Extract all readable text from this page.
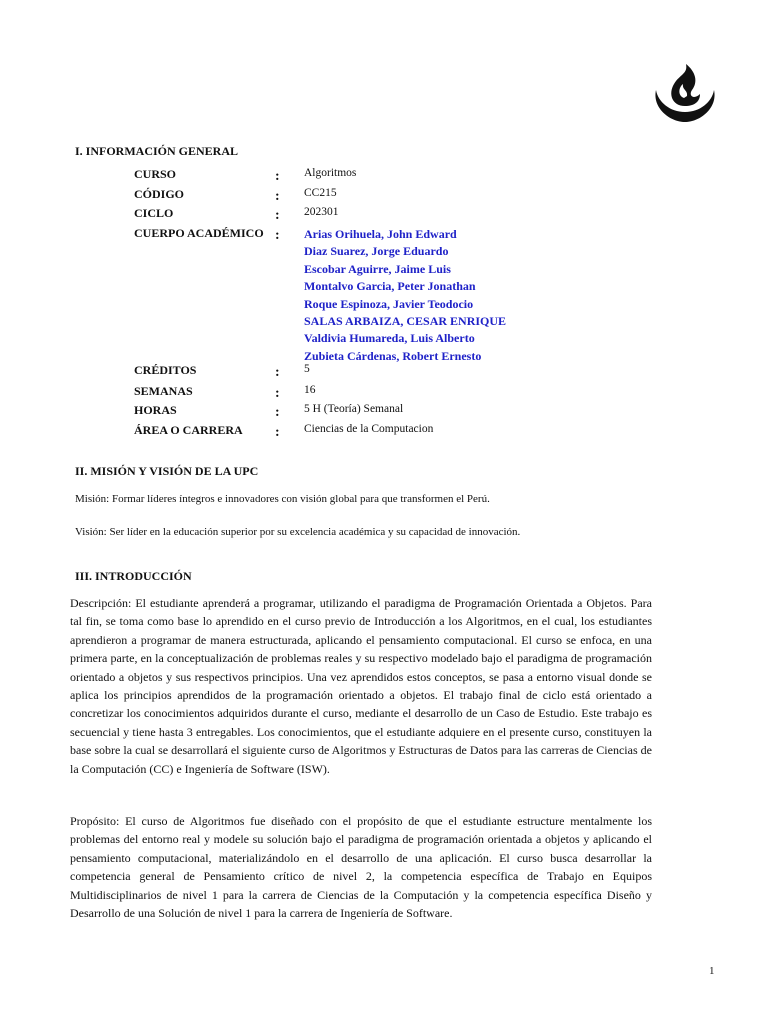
I. INFORMACIÓN GENERAL
CURSO	: Algoritmos
CÓDIGO	: CC215
CICLO	: 202301
CUERPO ACADÉMICO : Arias Orihuela, John Edward
Diaz Suarez, Jorge Eduardo
Escobar Aguirre, Jaime Luis
Montalvo Garcia, Peter Jonathan
Roque Espinoza, Javier Teodocio
SALAS ARBAIZA, CESAR ENRIQUE
Valdivia Humareda, Luis Alberto
Zubieta Cárdenas, Robert Ernesto
CRÉDITOS	: 5
SEMANAS	: 16
HORAS	: 5 H (Teoría) Semanal
ÁREA O CARRERA : Ciencias de la Computacion
II. MISIÓN Y VISIÓN DE LA UPC
Misión: Formar líderes íntegros e innovadores con visión global para que transformen el Perú.
Visión: Ser líder en la educación superior por su excelencia académica y su capacidad de innovación.
III. INTRODUCCIÓN

Descripción: El estudiante aprenderá a programar, utilizando el paradigma de Programación Orientada a Objetos. Para tal fin, se toma como base lo aprendido en el curso previo de Introducción a los Algoritmos, en el cual, los estudiantes aprendieron a programar de manera estructurada, aplicando el pensamiento computacional. El curso se enfoca, en una primera parte, en la conceptualización de problemas reales y su respectivo modelado bajo el paradigma de programación orientado a objetos y sus respectivos principios. Una vez aprendidos estos conceptos, se pasa a entorno visual donde se aplica los principios aprendidos de la programación orientado a objetos. El trabajo final de ciclo está orientado a concretizar los conocimientos adquiridos durante el curso, mediante el desarrollo de un Caso de Estudio. Este trabajo es secuencial y tiene hasta 3 entregables. Los conocimientos, que el estudiante adquiere en el presente curso, constituyen la base sobre la cual se desarrollará el siguiente curso de Algoritmos y Estructuras de Datos para las carreras de Ciencias de la Computación (CC) e Ingeniería de Software (ISW).

Propósito: El curso de Algoritmos fue diseñado con el propósito de que el estudiante estructure mentalmente los problemas del entorno real y modele su solución bajo el paradigma de programación orientada a objetos y aplicando el pensamiento computacional, materializándolo en el desarrollo de una aplicación. El curso busca desarrollar la competencia general de Pensamiento crítico de nivel 2, la competencia específica de Trabajo en Equipos Multidisciplinarios de nivel 1 para la carrera de Ciencias de la Computación y la competencia específica Diseño y Desarrollo de una Solución de nivel 1 para la carrera de Ingeniería de Software.

1
